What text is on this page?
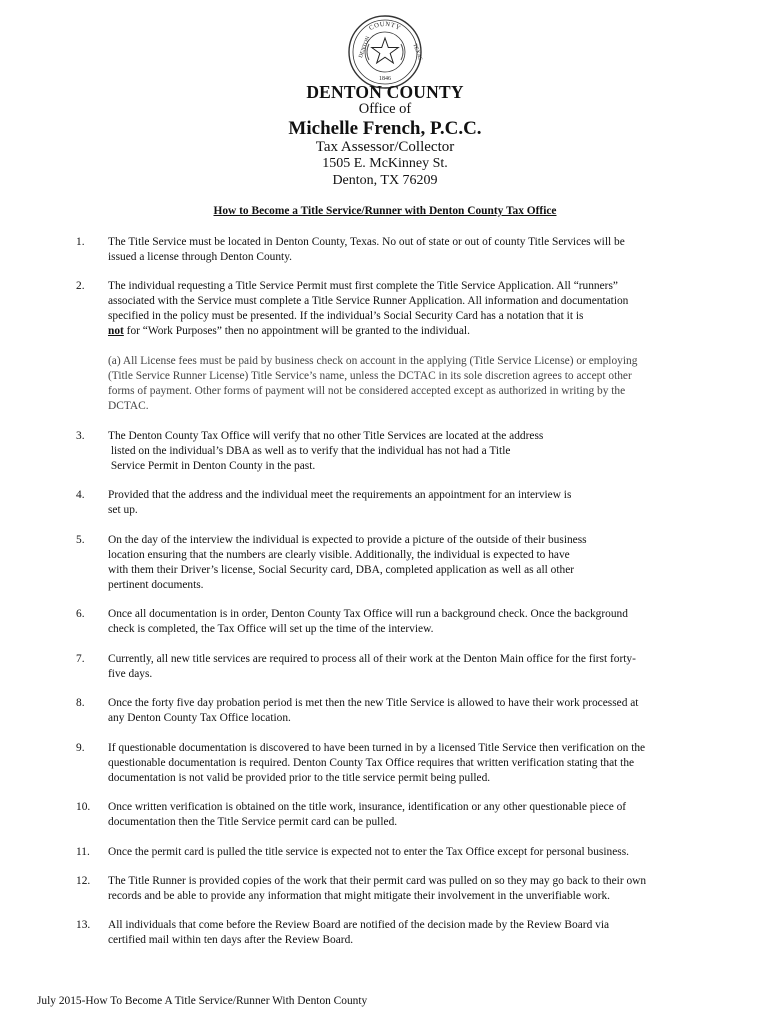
COUNTY
DENTON	TEXAS
1846
DENTON COUNTY
Office of
Michelle French, P.C.C.
Tax Assessor/Collector
1505 E. McKinney St.
Denton, TX 76209
How to Become a Title Service/Runner with Denton County Tax Office
1.	The Title Service must be located in Denton County, Texas. No out of state or out of county Title Services will be
issued a license through Denton County.
2.	The individual requesting a Title Service Permit must first complete the Title Service Application. All “runners”
associated with the Service must complete a Title Service Runner Application. All information and documentation
specified in the policy must be presented. If the individual’s Social Security Card has a notation that it is
not for “Work Purposes” then no appointment will be granted to the individual.
(a) All License fees must be paid by business check on account in the applying (Title Service License) or employing
(Title Service Runner License) Title Service’s name, unless the DCTAC in its sole discretion agrees to accept other
forms of payment. Other forms of payment will not be considered accepted except as authorized in writing by the
DCTAC.
3.	The Denton County Tax Office will verify that no other Title Services are located at the address
listed on the individual’s DBA as well as to verify that the individual has not had a Title
Service Permit in Denton County in the past.
4.	Provided that the address and the individual meet the requirements an appointment for an interview is
set up.
5.	On the day of the interview the individual is expected to provide a picture of the outside of their business
location ensuring that the numbers are clearly visible. Additionally, the individual is expected to have
with them their Driver’s license, Social Security card, DBA, completed application as well as all other
pertinent documents.
6.	Once all documentation is in order, Denton County Tax Office will run a background check. Once the background
check is completed, the Tax Office will set up the time of the interview.
7.	Currently, all new title services are required to process all of their work at the Denton Main office for the first forty-
five days.
8.	Once the forty five day probation period is met then the new Title Service is allowed to have their work processed at
any Denton County Tax Office location.
9.	If questionable documentation is discovered to have been turned in by a licensed Title Service then verification on the
questionable documentation is required. Denton County Tax Office requires that written verification stating that the
documentation is not valid be provided prior to the title service permit being pulled.
10.	Once written verification is obtained on the title work, insurance, identification or any other questionable piece of
documentation then the Title Service permit card can be pulled.
11.	Once the permit card is pulled the title service is expected not to enter the Tax Office except for personal business.
12.	The Title Runner is provided copies of the work that their permit card was pulled on so they may go back to their own
records and be able to provide any information that might mitigate their involvement in the unverifiable work.
13.	All individuals that come before the Review Board are notified of the decision made by the Review Board via
certified mail within ten days after the Review Board.
July 2015-How To Become A Title Service/Runner With Denton County
